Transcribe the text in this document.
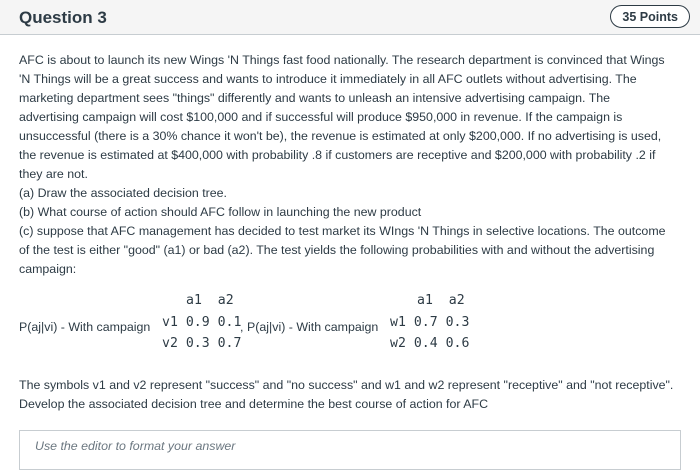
Question 3	35 Points

AFC is about to launch its new Wings 'N Things fast food nationally. The research department is convinced that Wings
'N Things will be a great success and wants to introduce it immediately in all AFC outlets without advertising. The
marketing department sees "things" differently and wants to unleash an intensive advertising campaign. The
advertising campaign will cost $100,000 and if successful will produce $950,000 in revenue. If the campaign is
unsuccessful (there is a 30% chance it won't be), the revenue is estimated at only $200,000. If no advertising is used,
the revenue is estimated at $400,000 with probability .8 if customers are receptive and $200,000 with probability .2 if
they are not.
(a) Draw the associated decision tree.
(b) What course of action should AFC follow in launching the new product
(c) suppose that AFC management has decided to test market its WIngs 'N Things in selective locations. The outcome
of the test is either "good" (a1) or bad (a2). The test yields the following probabilities with and without the advertising
campaign:

a1  a2
P(aj|vi) - With campaign v1 0.9 0.1
,
v2 0.3 0.7
a1  a2
P(aj|vi) - With campaign w1 0.7 0.3
w2 0.4 0.6

The symbols v1 and v2 represent "success" and "no success" and w1 and w2 represent "receptive" and "not receptive".
Develop the associated decision tree and determine the best course of action for AFC

Use the editor to format your answer
